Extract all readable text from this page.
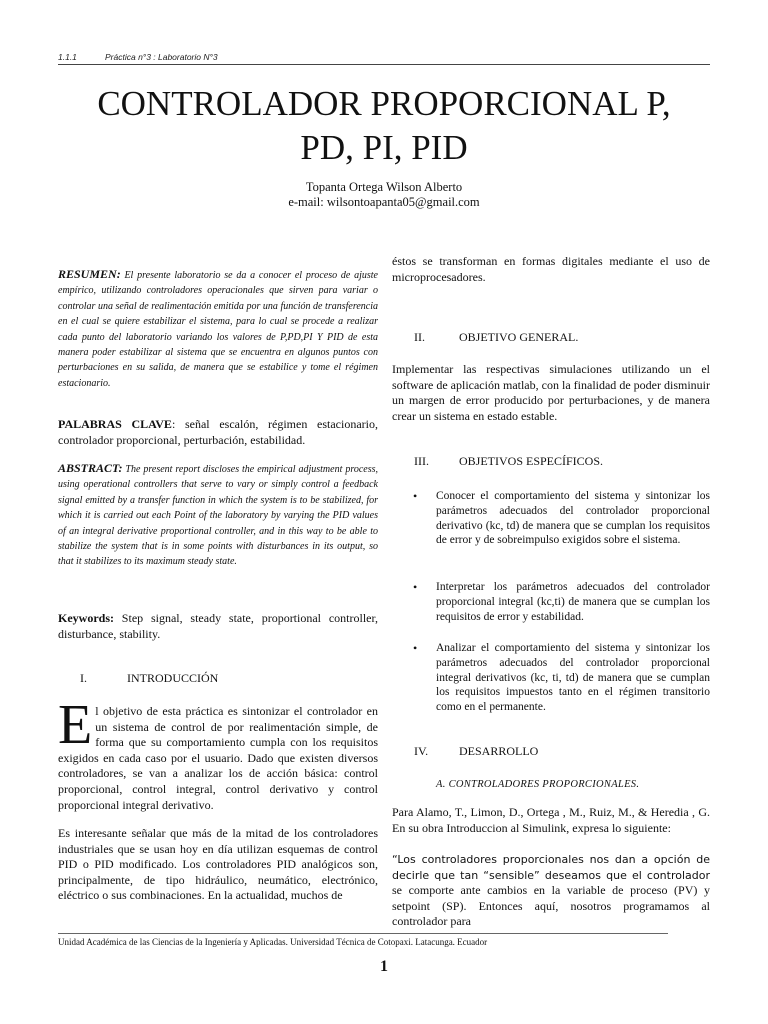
1.1.1	Práctica n°3 : Laboratorio N°3
CONTROLADOR PROPORCIONAL P,
PD, PI, PID
Topanta Ortega Wilson Alberto
e-mail: wilsontoapanta05@gmail.com
RESUMEN: El presente laboratorio se da a conocer el proceso de ajuste empírico, utilizando controladores operacionales que sirven para variar o controlar una señal de realimentación emitida por una función de transferencia en el cual se quiere estabilizar el sistema, para lo cual se procede a realizar cada punto del laboratorio variando los valores de P,PD,PI Y PID de esta manera poder estabilizar al sistema que se encuentra en algunos puntos con perturbaciones en su salida, de manera que se estabilice y tome el régimen estacionario.
PALABRAS CLAVE: señal escalón, régimen estacionario, controlador proporcional, perturbación, estabilidad.
ABSTRACT: The present report discloses the empirical adjustment process, using operational controllers that serve to vary or simply control a feedback signal emitted by a transfer function in which the system is to be stabilized, for which it is carried out each Point of the laboratory by varying the PID values of an integral derivative proportional controller, and in this way to be able to stabilize the system that is in some points with disturbances in its output, so that it stabilizes to its maximum steady state.
Keywords: Step signal, steady state, proportional controller, disturbance, stability.
I.	INTRODUCCIÓN
E l objetivo de esta práctica es sintonizar el controlador en un sistema de control de por realimentación simple, de forma que su comportamiento cumpla con los requisitos exigidos en cada caso por el usuario. Dado que existen diversos controladores, se van a analizar los de acción básica: control proporcional, control integral, control derivativo y control proporcional integral derivativo.
Es interesante señalar que más de la mitad de los controladores industriales que se usan hoy en día utilizan esquemas de control PID o PID modificado. Los controladores PID analógicos son, principalmente, de tipo hidráulico, neumático, electrónico, eléctrico o sus combinaciones. En la actualidad, muchos de
éstos se transforman en formas digitales mediante el uso de microprocesadores.
II.	OBJETIVO GENERAL.
Implementar las respectivas simulaciones utilizando un el software de aplicación matlab, con la finalidad de poder disminuir un margen de error producido por perturbaciones, y de manera crear un sistema en estado estable.
III.	OBJETIVOS ESPECÍFICOS.
• Conocer el comportamiento del sistema y sintonizar los parámetros adecuados del controlador proporcional derivativo (kc, td) de manera que se cumplan los requisitos de error y de sobreimpulso exigidos sobre el sistema.
• Interpretar los parámetros adecuados del controlador proporcional integral (kc,ti) de manera que se cumplan los requisitos de error y estabilidad.
• Analizar el comportamiento del sistema y sintonizar los parámetros adecuados del controlador proporcional integral derivativos (kc, ti, td) de manera que se cumplan los requisitos impuestos tanto en el régimen transitorio como en el permanente.
IV.	DESARROLLO
A. CONTROLADORES PROPORCIONALES.
Para Alamo, T., Limon, D., Ortega , M., Ruiz, M., & Heredia , G. En su obra Introduccion al Simulink, expresa lo siguiente:
“Los controladores proporcionales nos dan a opción de decirle que tan “sensible” deseamos que el controlador se comporte ante cambios en la variable de proceso (PV) y setpoint (SP). Entonces aquí, nosotros programamos al controlador para
Unidad Académica de las Ciencias de la Ingeniería y Aplicadas. Universidad Técnica de Cotopaxi. Latacunga. Ecuador
1
